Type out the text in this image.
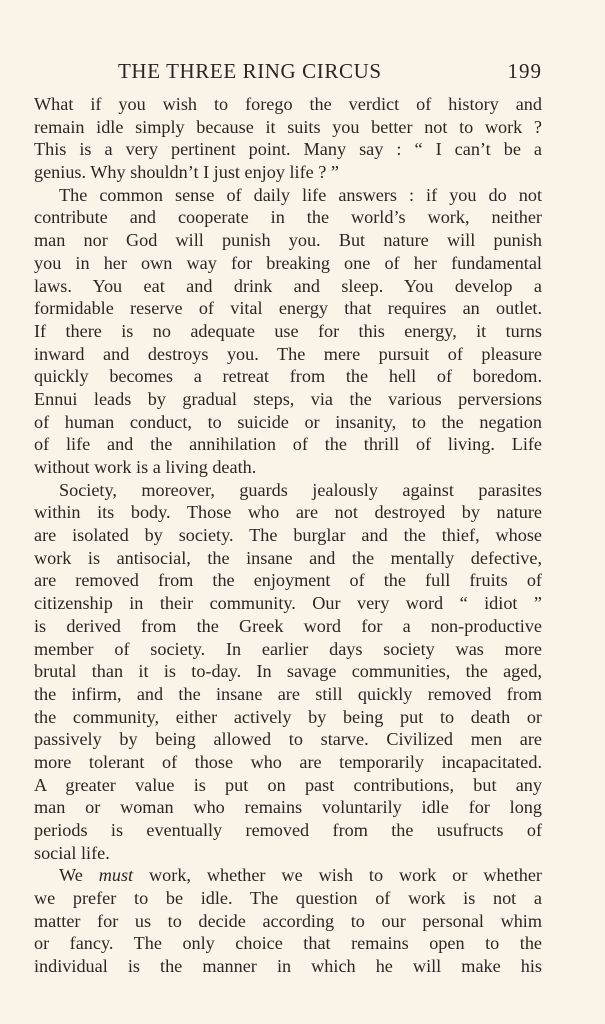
THE THREE RING CIRCUS	199
What if you wish to forego the verdict of history and
remain idle simply because it suits you better not to work ?
This is a very pertinent point. Many say : “ I can’t be a
genius. Why shouldn’t I just enjoy life ? ”
The common sense of daily life answers : if you do not
contribute and cooperate in the world’s work, neither
man nor God will punish you. But nature will punish
you in her own way for breaking one of her fundamental
laws. You eat and drink and sleep. You develop a
formidable reserve of vital energy that requires an outlet.
If there is no adequate use for this energy, it turns
inward and destroys you. The mere pursuit of pleasure
quickly becomes a retreat from the hell of boredom.
Ennui leads by gradual steps, via the various perversions
of human conduct, to suicide or insanity, to the negation
of life and the annihilation of the thrill of living. Life
without work is a living death.
Society, moreover, guards jealously against parasites
within its body. Those who are not destroyed by nature
are isolated by society. The burglar and the thief, whose
work is antisocial, the insane and the mentally defective,
are removed from the enjoyment of the full fruits of
citizenship in their community. Our very word “ idiot ”
is derived from the Greek word for a non-productive
member of society. In earlier days society was more
brutal than it is to-day. In savage communities, the aged,
the infirm, and the insane are still quickly removed from
the community, either actively by being put to death or
passively by being allowed to starve. Civilized men are
more tolerant of those who are temporarily incapacitated.
A greater value is put on past contributions, but any
man or woman who remains voluntarily idle for long
periods is eventually removed from the usufructs of
social life.
We must work, whether we wish to work or whether
we prefer to be idle. The question of work is not a
matter for us to decide according to our personal whim
or fancy. The only choice that remains open to the
individual is the manner in which he will make his
